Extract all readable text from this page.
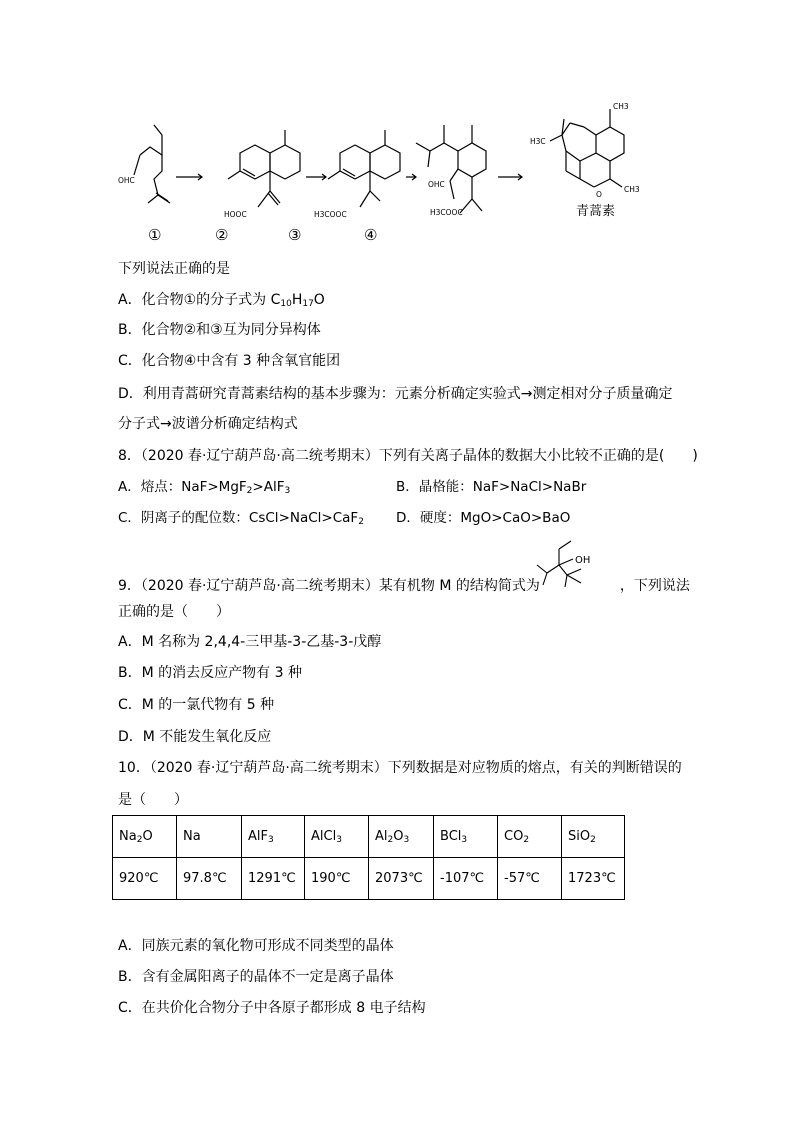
OHC
HOOC	H3COOC
OHC
H3COOC
CH3
H3C
CH3
O
青蒿素
①	②	③	④
下列说法正确的是
A．化合物①的分子式为 $C_{10}H_{17}O$
B．化合物②和③互为同分异构体
C．化合物④中含有 3 种含氧官能团
D．利用青蒿研究青蒿素结构的基本步骤为：元素分析确定实验式→测定相对分子质量确定
分子式→波谱分析确定结构式
8．（2020 春·辽宁葫芦岛·高二统考期末）下列有关离子晶体的数据大小比较不正确的是(　　)
A．熔点：NaF>MgF$_2$>AlF$_3$	B．晶格能：NaF>NaCl>NaBr
C．阴离子的配位数：CsCl>NaCl>CaF$_2$ D．硬度：MgO>CaO>BaO
OH
9．（2020 春·辽宁葫芦岛·高二统考期末）某有机物 M 的结构简式为	，下列说法
正确的是（　　）
A．M 名称为 2,4,4-三甲基-3-乙基-3-戊醇
B．M 的消去反应产物有 3 种
C．M 的一氯代物有 5 种
D．M 不能发生氧化反应
10．（2020 春·辽宁葫芦岛·高二统考期末）下列数据是对应物质的熔点，有关的判断错误的
是（　　）
$Na_2O$	Na	AlF$_3$	AlCl$_3$	$Al_2O_3$	BCl$_3$	$CO_2$	SiO$_2$
920℃	97.8℃	1291℃	190℃	2073℃	-107℃	-57℃	1723℃
A．同族元素的氧化物可形成不同类型的晶体
B．含有金属阳离子的晶体不一定是离子晶体
C．在共价化合物分子中各原子都形成 8 电子结构
